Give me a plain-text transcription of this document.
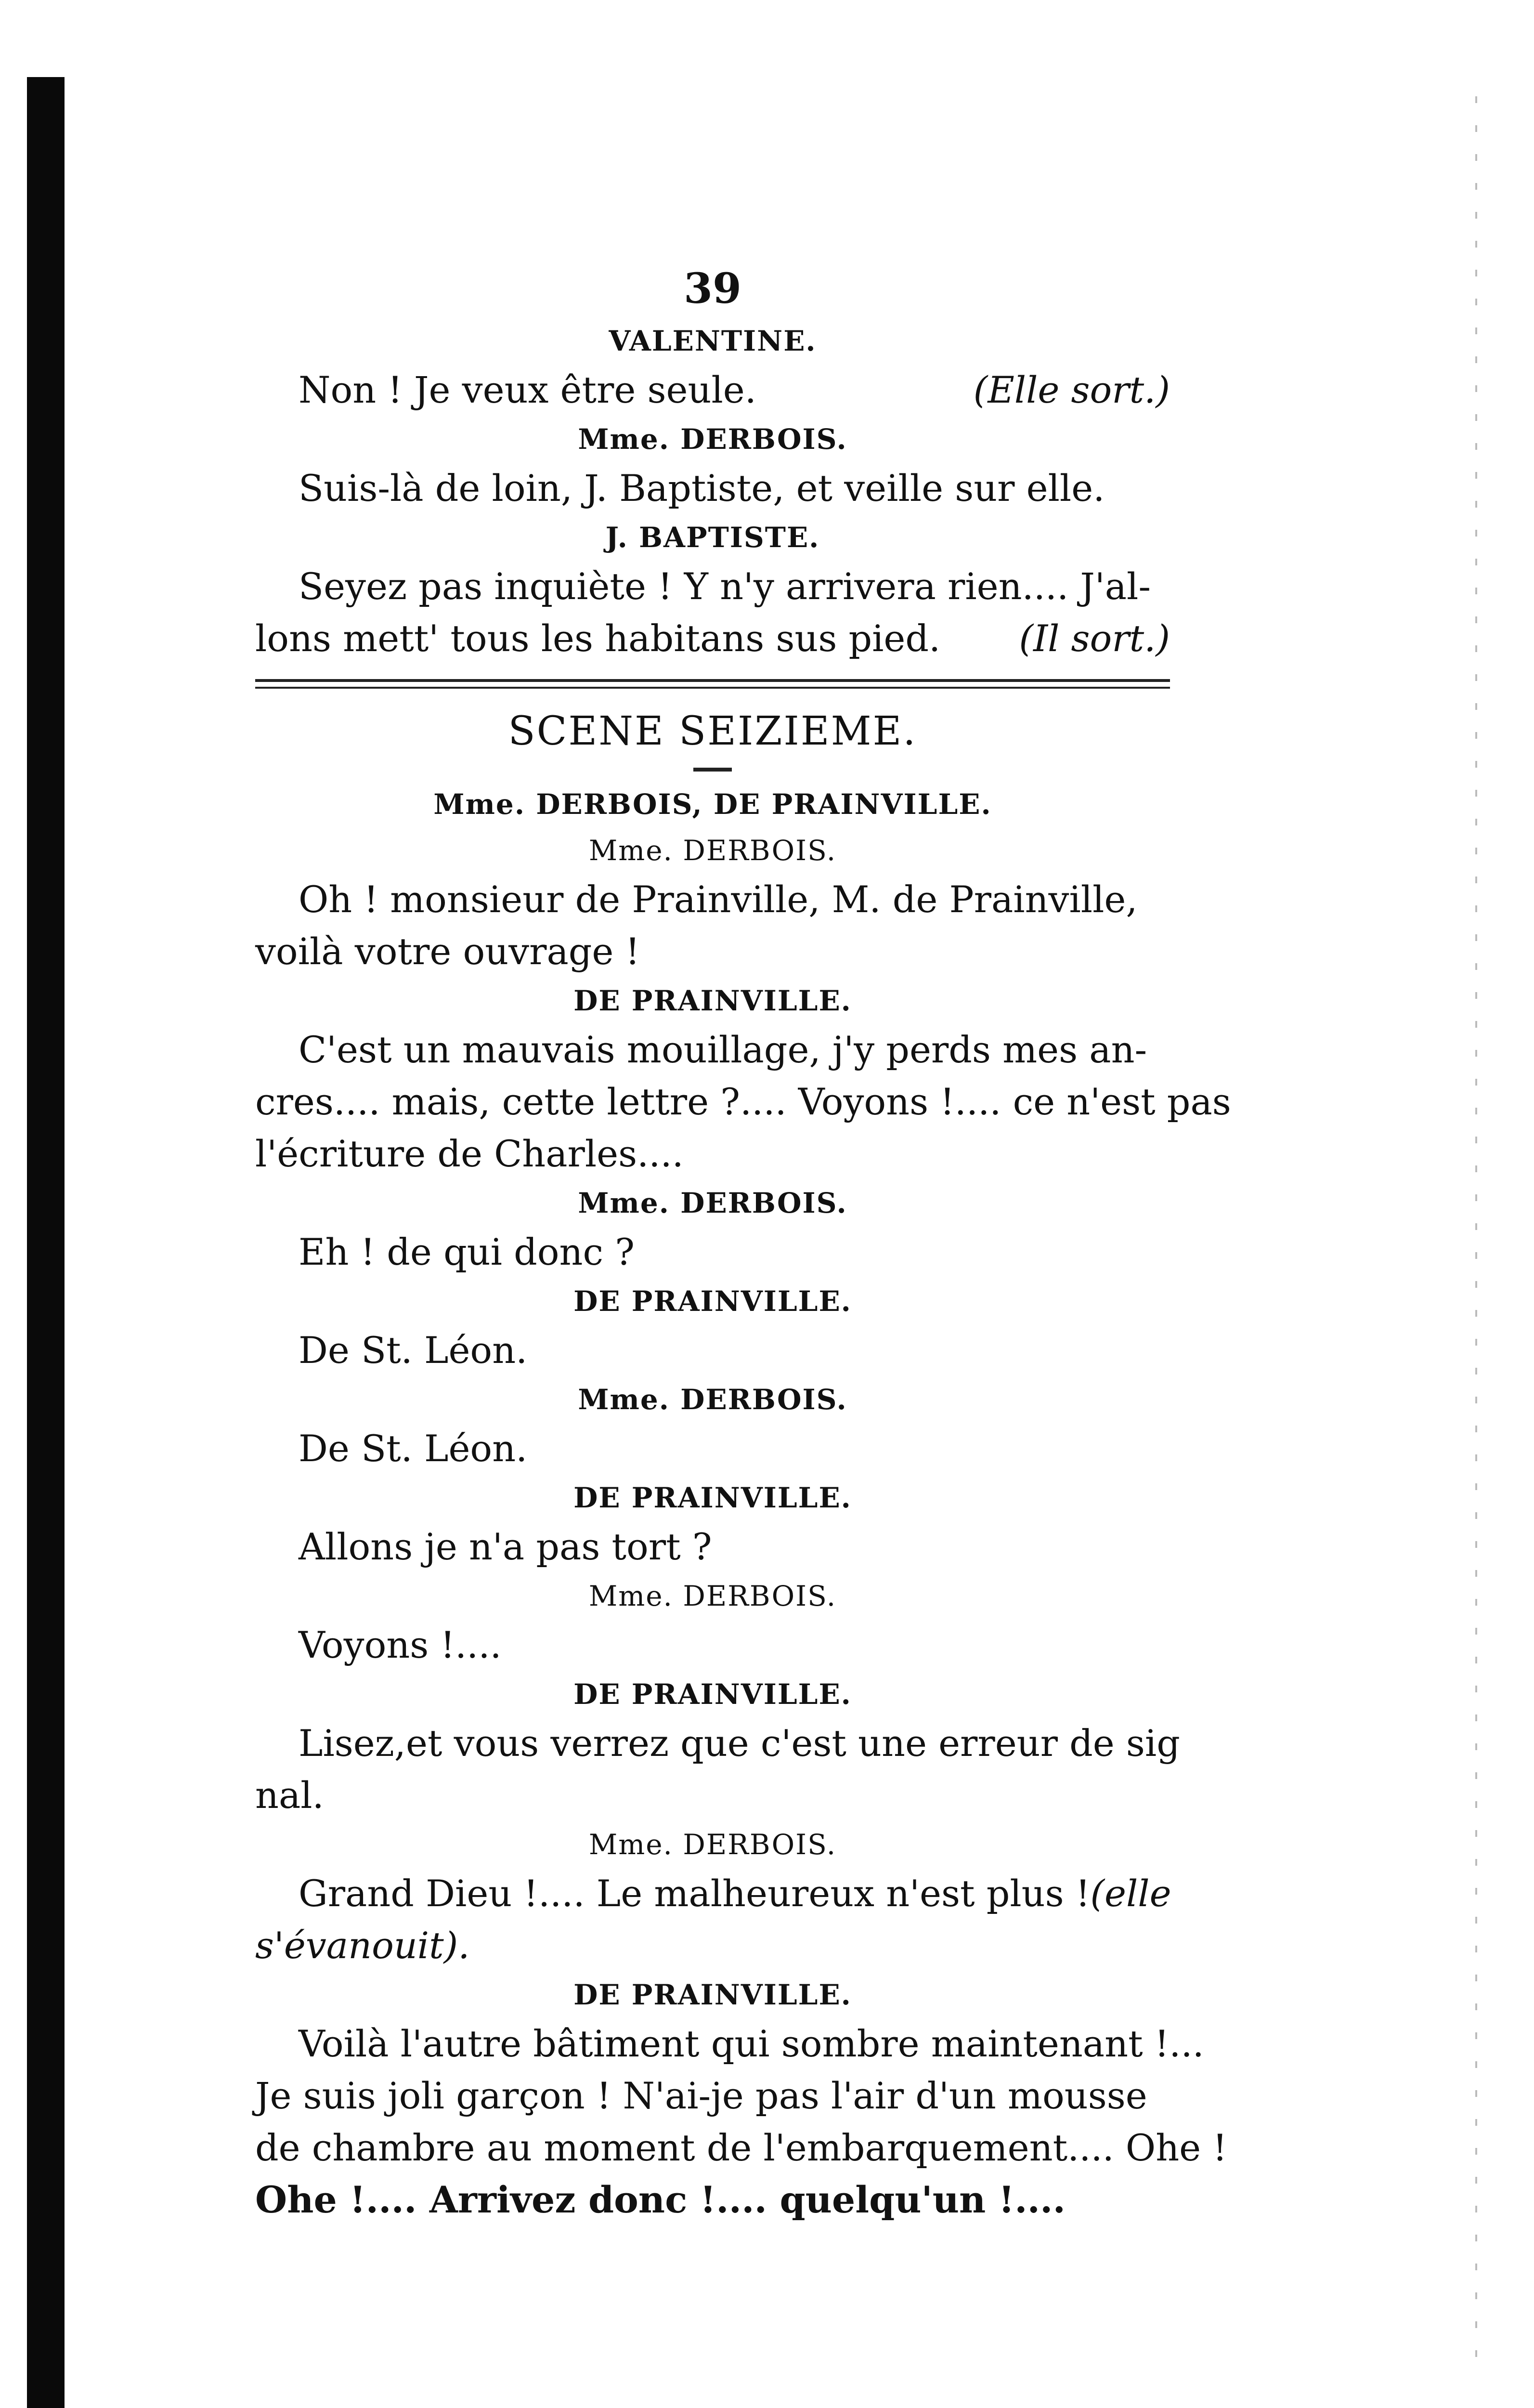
39
VALENTINE.
Non ! Je veux être seule.	(Elle sort.)
Mme. DERBOIS.
Suis-là de loin, J. Baptiste, et veille sur elle.
J. BAPTISTE.
Seyez pas inquiète ! Y n'y arrivera rien.... J'al-
lons mett' tous les habitans sus pied. (Il sort.)
SCENE SEIZIEME.
Mme. DERBOIS, DE PRAINVILLE.
Mme. DERBOIS.
Oh ! monsieur de Prainville, M. de Prainville,
voilà votre ouvrage !
DE PRAINVILLE.
C'est un mauvais mouillage, j'y perds mes an-
cres.... mais, cette lettre ?.... Voyons !.... ce n'est pas
l'écriture de Charles....
Mme. DERBOIS.
Eh ! de qui donc ?
DE PRAINVILLE.
De St. Léon.
Mme. DERBOIS.
De St. Léon.
DE PRAINVILLE.
Allons je n'a pas tort ?
Mme. DERBOIS.
Voyons !....
DE PRAINVILLE.
Lisez,et vous verrez que c'est une erreur de sig
nal.
Mme. DERBOIS.
Grand Dieu !.... Le malheureux n'est plus ! (elle
s'évanouit).
DE PRAINVILLE.
Voilà l'autre bâtiment qui sombre maintenant !...
Je suis joli garçon ! N'ai-je pas l'air d'un mousse
de chambre au moment de l'embarquement.... Ohe !
Ohe !.... Arrivez donc !.... quelqu'un !....
